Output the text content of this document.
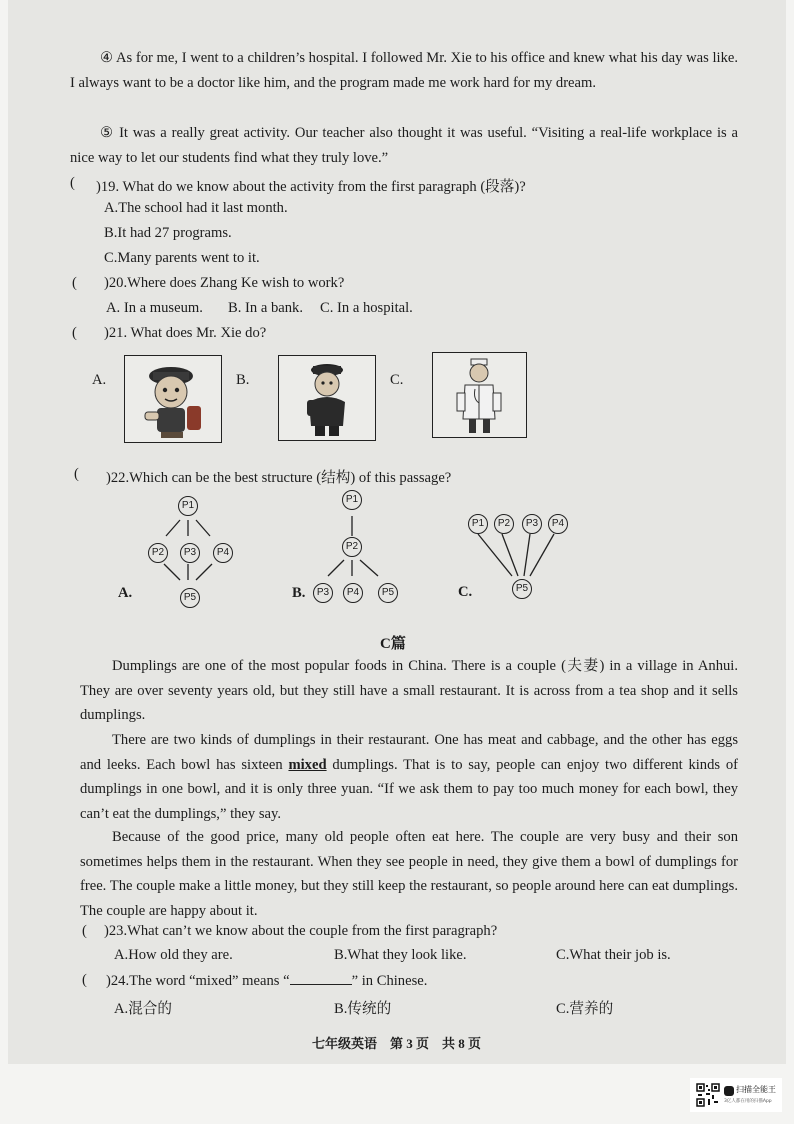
④ As for me, I went to a children’s hospital. I followed Mr. Xie to his office and knew what his day was like. I always want to be a doctor like him, and the program made me work hard for my dream.
⑤ It was a really great activity. Our teacher also thought it was useful. “Visiting a real-life workplace is a nice way to let our students find what they truly love.”
( )19. What do we know about the activity from the first paragraph (段落)?
A.The school had it last month.
B.It had 27 programs.
C.Many parents went to it.
( )20.Where does Zhang Ke wish to work?
A. In a museum. B. In a bank. C. In a hospital.
( )21. What does Mr. Xie do?
A.	B.	C.
( )22.Which can be the best structure (结构) of this passage?
A.
P1
P2	P3	P4
P5	B.
P1
P2
P3	P4	P5	C.
P1	P2	P3	P4
P5
C篇
Dumplings are one of the most popular foods in China. There is a couple (夫妻) in a village in Anhui. They are over seventy years old, but they still have a small restaurant. It is across from a tea shop and it sells dumplings.
There are two kinds of dumplings in their restaurant. One has meat and cabbage, and the other has eggs and leeks. Each bowl has sixteen mixed dumplings. That is to say, people can enjoy two different kinds of dumplings in one bowl, and it is only three yuan. “If we ask them to pay too much money for each bowl, they can’t eat the dumplings,” they say.
Because of the good price, many old people often eat here. The couple are very busy and their son sometimes helps them in the restaurant. When they see people in need, they give them a bowl of dumplings for free. The couple make a little money, but they still keep the restaurant, so people around here can eat dumplings. The couple are happy about it.
( )23.What can’t we know about the couple from the first paragraph?
A.How old they are.	B.What they look like.	C.What their job is.
( )24.The word “mixed” means “	” in Chinese.
A.混合的	B.传统的	C.营养的
七年级英语　第 3 页　共 8 页
扫描全能王
3亿人都在用的扫描App
